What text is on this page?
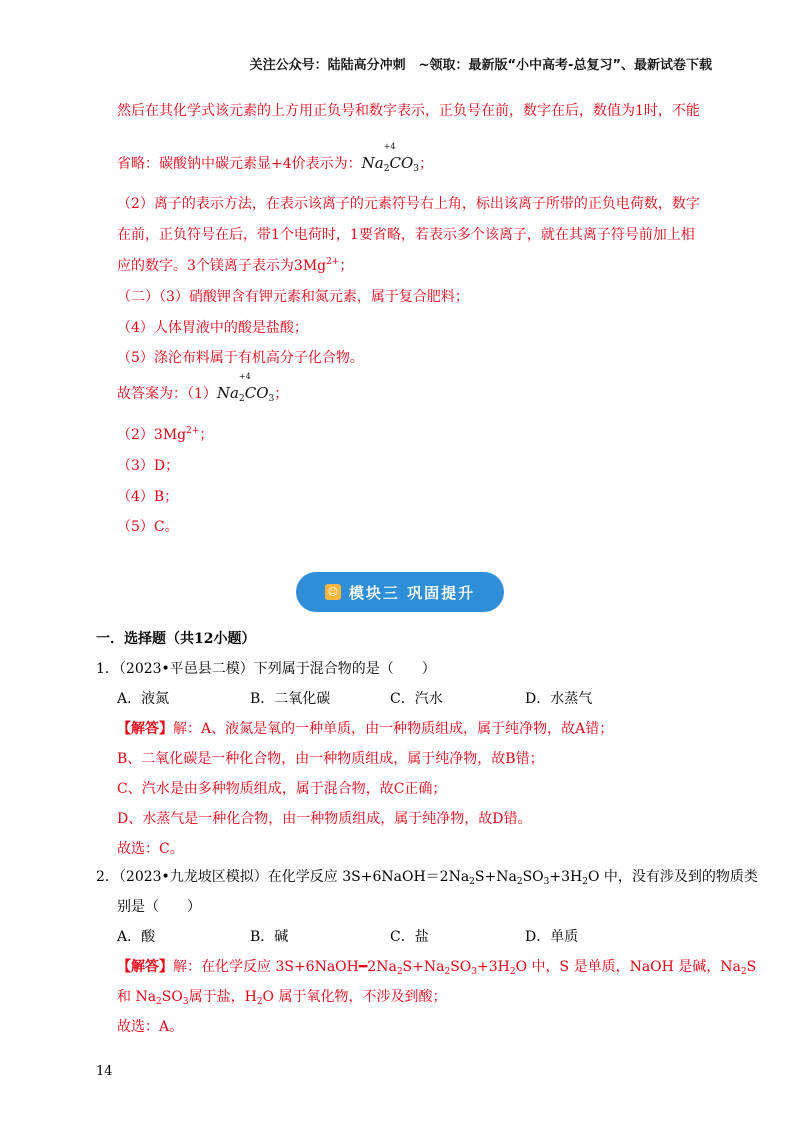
关注公众号：陆陆高分冲刺　~领取：最新版“小中高考-总复习”、最新试卷下载
然后在其化学式该元素的上方用正负号和数字表示，正负号在前，数字在后，数值为1时，不能
省略：碳酸钠中碳元素显+4价表示为：
+4
$Na_2CO_3$；
（2）离子的表示方法，在表示该离子的元素符号右上角，标出该离子所带的正负电荷数，数字
在前，正负符号在后，带1个电荷时，1要省略，若表示多个该离子，就在其离子符号前加上相
应的数字。3个镁离子表示为$3Mg^{2+}$；
（二）（3）硝酸钾含有钾元素和氮元素，属于复合肥料；
（4）人体胃液中的酸是盐酸；
（5）涤沦布料属于有机高分子化合物。
故答案为：（1）
+4
$Na_2CO_3$；
$(2)3Mg^{2+}$；
（3）D；
（4）B；
（5）C。
☺ 模块三 巩固提升
一．选择题（共12小题）
1．（2023•平邑县二模）下列属于混合物的是（　　）
A．液氮	B．二氧化碳	C．汽水	D．水蒸气
【解答】解：A、液氮是氧的一种单质，由一种物质组成，属于纯净物，故A错；
B、二氧化碳是一种化合物，由一种物质组成，属于纯净物，故B错；
C、汽水是由多种物质组成，属于混合物，故C正确；
D、水蒸气是一种化合物，由一种物质组成，属于纯净物，故D错。
故选：C。
2．（2023•九龙坡区模拟）在化学反应 $3S+6NaOH=2Na_2S+Na_2SO_3+3H_2O$ 中，没有涉及到的物质类
别是（　　）
A．酸	B．碱	C．盐	D．单质
【解答】解：在化学反应 $3S+6NaOH━2Na_2S+Na_2SO_3+3H_2O$ 中，S 是单质，NaOH 是碱，$Na_2S$
和 $Na_2SO_3$属于盐，$H_2O$ 属于氧化物，不涉及到酸；
故选：A。
14
